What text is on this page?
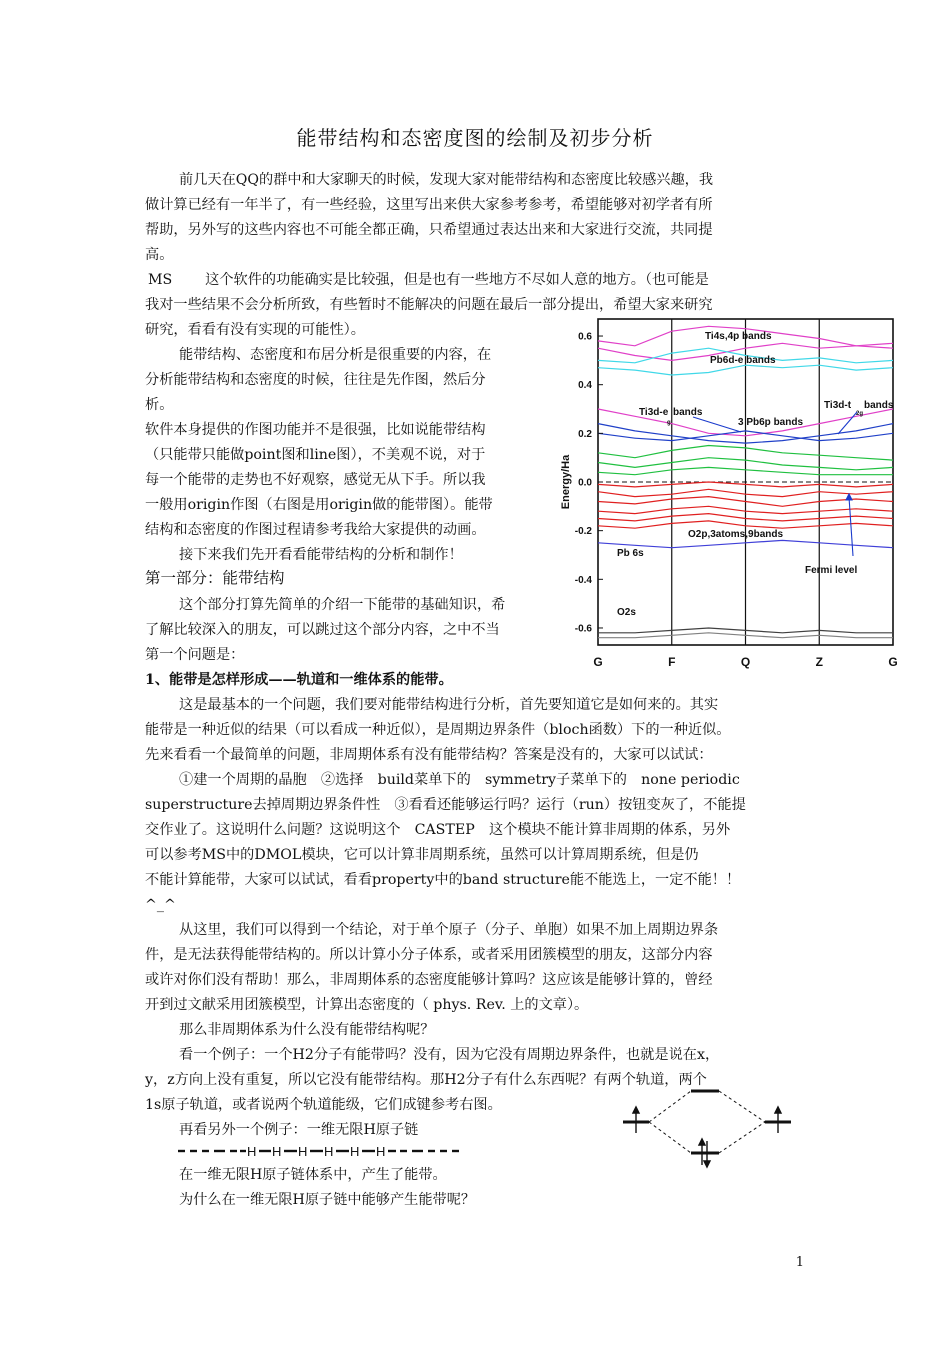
能带结构和态密度图的绘制及初步分析
前几天在QQ的群中和大家聊天的时候，发现大家对能带结构和态密度比较感兴趣，我
做计算已经有一年半了，有一些经验，这里写出来供大家参考参考，希望能够对初学者有所
帮助，另外写的这些内容也不可能全都正确，只希望通过表达出来和大家进行交流，共同提
高。
MS　　 这个软件的功能确实是比较强，但是也有一些地方不尽如人意的地方。（也可能是
我对一些结果不会分析所致，有些暂时不能解决的问题在最后一部分提出，希望大家来研究
研究，看看有没有实现的可能性）。
能带结构、态密度和布居分析是很重要的内容，在
分析能带结构和态密度的时候，往往是先作图，然后分
析。
软件本身提供的作图功能并不是很强，比如说能带结构
（只能带只能做point图和line图），不美观不说，对于
每一个能带的走势也不好观察，感觉无从下手。所以我
一般用origin作图（右图是用origin做的能带图）。能带
结构和态密度的作图过程请参考我给大家提供的动画。
接下来我们先开看看能带结构的分析和制作！
第一部分：能带结构
这个部分打算先简单的介绍一下能带的基础知识，希
了解比较深入的朋友，可以跳过这个部分内容，之中不当
第一个问题是：
1、能带是怎样形成——轨道和一维体系的能带。
这是最基本的一个问题，我们要对能带结构进行分析，首先要知道它是如何来的。其实
能带是一种近似的结果（可以看成一种近似），是周期边界条件（bloch函数）下的一种近似。
先来看看一个最简单的问题，非周期体系有没有能带结构？答案是没有的，大家可以试试：
①建一个周期的晶胞　②选择　build菜单下的　symmetry子菜单下的　none periodic
superstructure去掉周期边界条件性　③看看还能够运行吗？运行（run）按钮变灰了，不能提
交作业了。这说明什么问题？这说明这个　CASTEP　这个模块不能计算非周期的体系，另外
可以参考MS中的DMOL模块，它可以计算非周期系统，虽然可以计算周期系统，但是仍
不能计算能带，大家可以试试，看看property中的band structure能不能选上，一定不能！！
^_^
从这里，我们可以得到一个结论，对于单个原子（分子、单胞）如果不加上周期边界条
件，是无法获得能带结构的。所以计算小分子体系，或者采用团簇模型的朋友，这部分内容
或许对你们没有帮助！那么，非周期体系的态密度能够计算吗？这应该是能够计算的，曾经
开到过文献采用团簇模型，计算出态密度的（ phys. Rev. 上的文章）。
那么非周期体系为什么没有能带结构呢？
看一个例子：一个H2分子有能带吗？没有，因为它没有周期边界条件，也就是说在x，
y，z方向上没有重复，所以它没有能带结构。那H2分子有什么东西呢？有两个轨道，两个
1s原子轨道，或者说两个轨道能级，它们成键参考右图。
再看另外一个例子：一维无限H原子链
H H H H H H
在一维无限H原子链体系中，产生了能带。
为什么在一维无限H原子链中能够产生能带呢？
0.6
0.4
0.2
0.0
-0.2
-0.4
-0.6
G	F	Q	Z	G
Energy/Ha
Ti4s,4p bands
Pb6d-e bands
Ti3d-e
g
bands
3 Pb6p bands
Ti3d-t
2g
bands
O2p,3atoms,9bands
Pb 6s
Fermi level
O2s
1
